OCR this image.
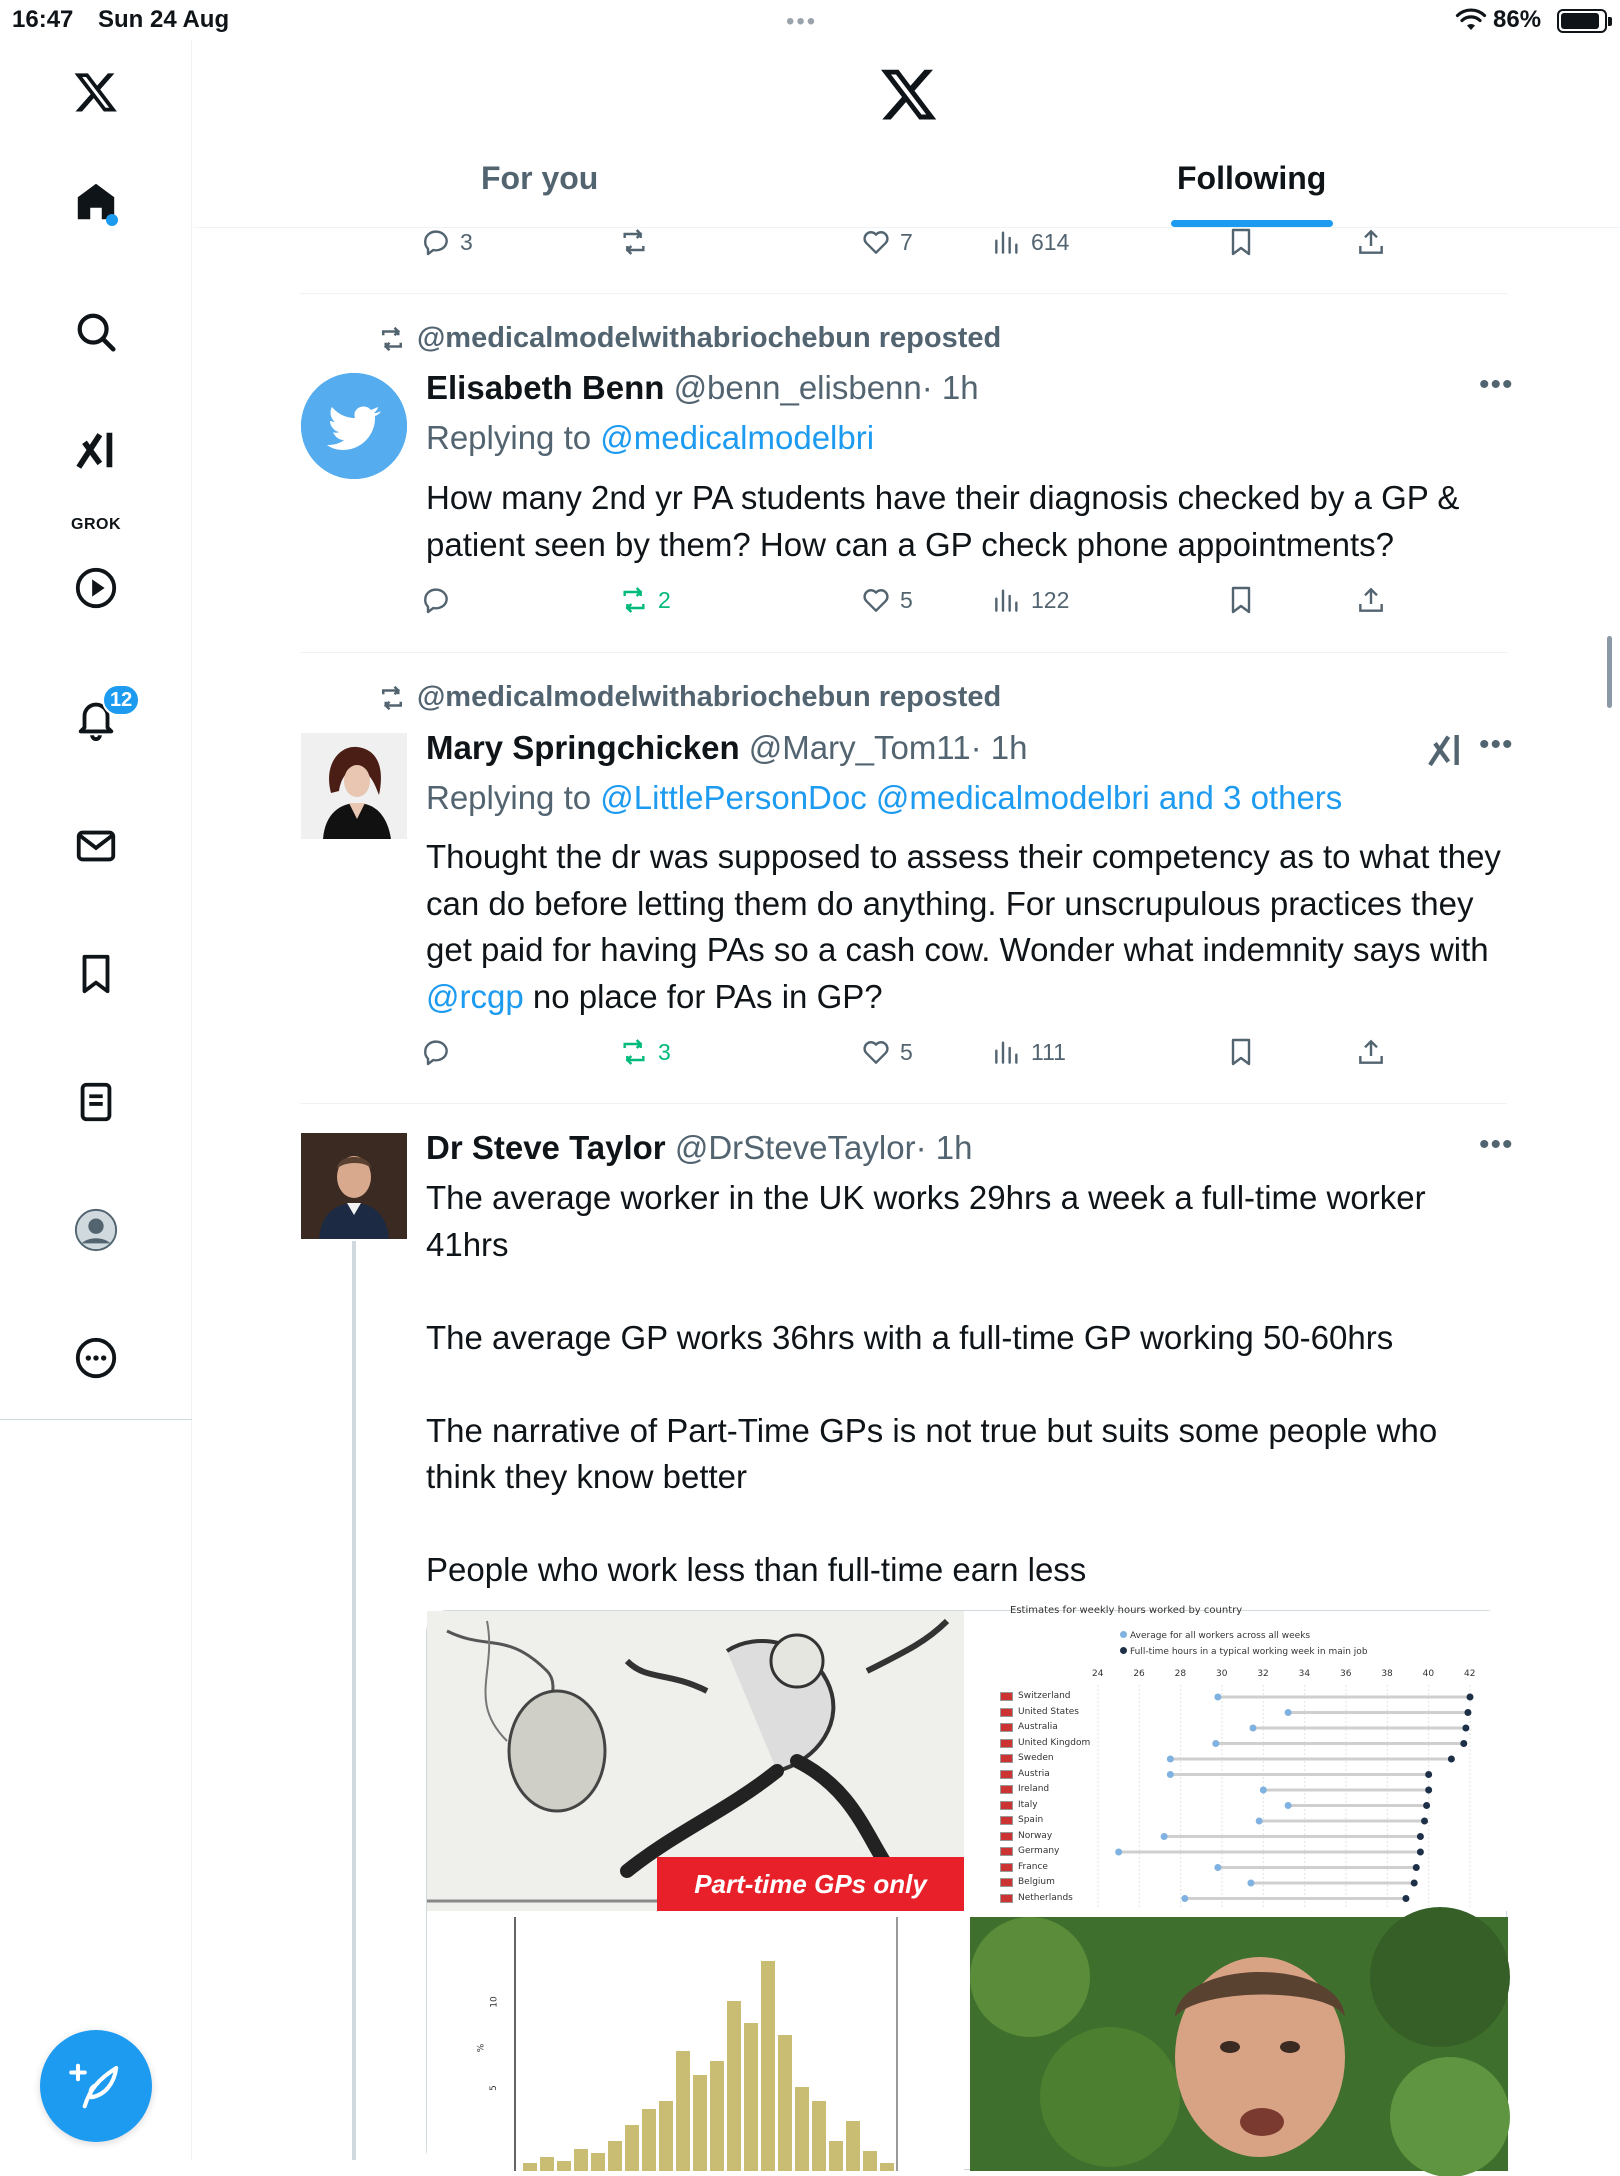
16:47 Sun 24 Aug	•••	86%
GROK
12
For you	Following
3	7	614
@medicalmodelwithabriochebun reposted
Elisabeth Benn @benn_elisbenn· 1h	•••
Replying to @medicalmodelbri
How many 2nd yr PA students have their diagnosis checked by a GP & patient seen by them? How can a GP check phone appointments?
2	5	122
@medicalmodelwithabriochebun reposted
Mary Springchicken @Mary_Tom11· 1h	•••
Replying to @LittlePersonDoc @medicalmodelbri and 3 others
Thought the dr was supposed to assess their competency as to what they can do before letting them do anything. For unscrupulous practices they get paid for having PAs so a cash cow. Wonder what indemnity says with @rcgp no place for PAs in GP?
3	5	111
Dr Steve Taylor @DrSteveTaylor· 1h	•••
The average worker in the UK works 29hrs a week a full-time worker 41hrs
The average GP works 36hrs with a full-time GP working 50-60hrs
The narrative of Part-Time GPs is not true but suits some people who think they know better
People who work less than full-time earn less
Part-time GPs only
Estimates for weekly hours worked by country
Average for all workers across all weeks
Full-time hours in a typical working week in main job
24	26	28	30	32	34	36	38	40	42
Switzerland
United States
Australia
United Kingdom
Sweden
Austria
Ireland
Italy
Spain
Norway
Germany
France
Belgium
Netherlands
10
5
%
